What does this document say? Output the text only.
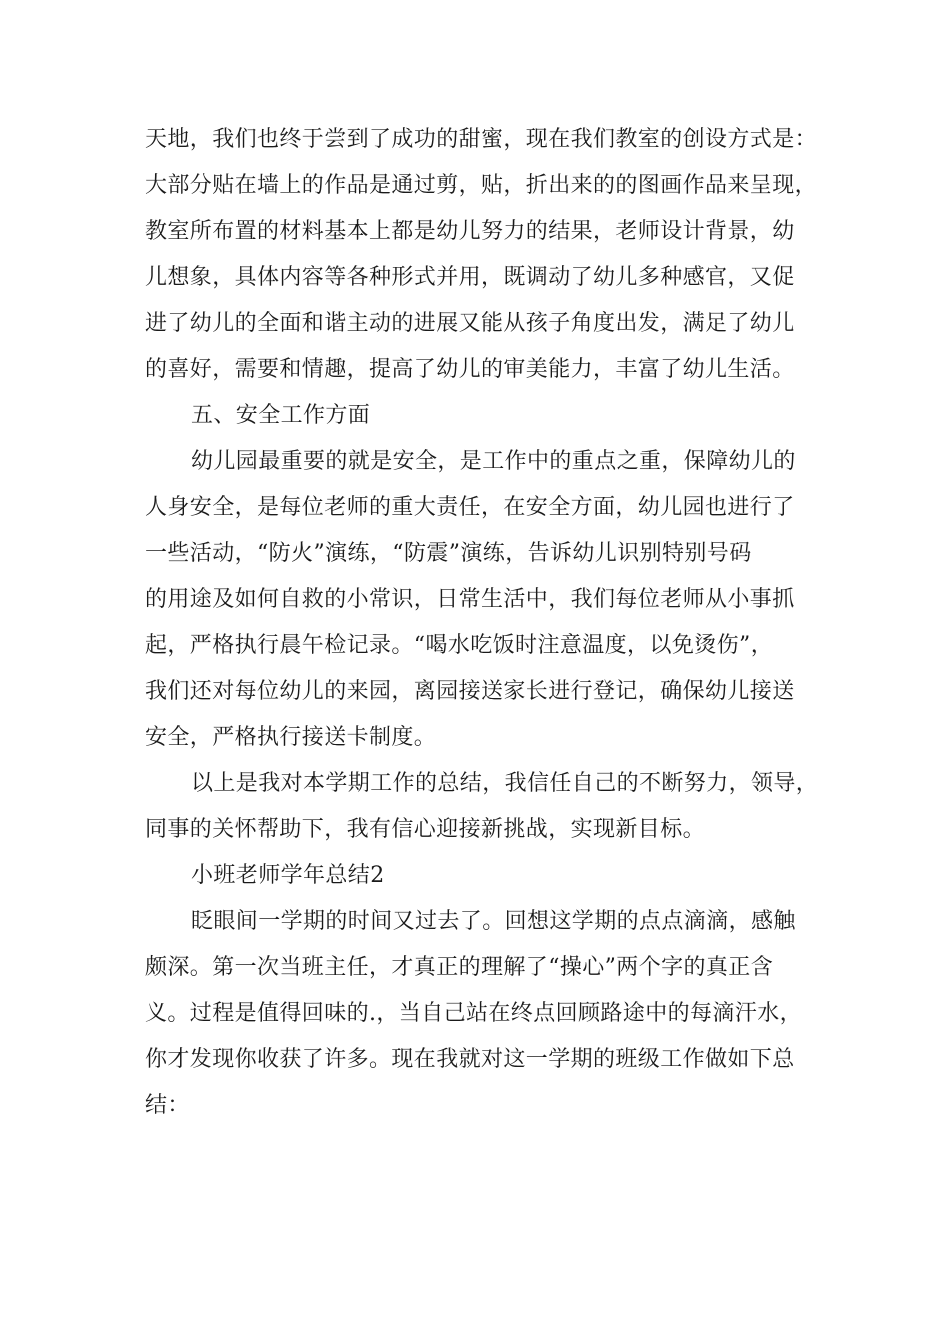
天地，我们也终于尝到了成功的甜蜜，现在我们教室的创设方式是：
大部分贴在墙上的作品是通过剪，贴，折出来的的图画作品来呈现，
教室所布置的材料基本上都是幼儿努力的结果，老师设计背景，幼
儿想象，具体内容等各种形式并用，既调动了幼儿多种感官，又促
进了幼儿的全面和谐主动的进展又能从孩子角度出发，满足了幼儿
的喜好，需要和情趣，提高了幼儿的审美能力，丰富了幼儿生活。
五、安全工作方面
幼儿园最重要的就是安全，是工作中的重点之重，保障幼儿的
人身安全，是每位老师的重大责任，在安全方面，幼儿园也进行了
一些活动，“防火”演练，“防震”演练，告诉幼儿识别特别号码
的用途及如何自救的小常识，日常生活中，我们每位老师从小事抓
起，严格执行晨午检记录。“喝水吃饭时注意温度，以免烫伤”，
我们还对每位幼儿的来园，离园接送家长进行登记，确保幼儿接送
安全，严格执行接送卡制度。
以上是我对本学期工作的总结，我信任自己的不断努力，领导，
同事的关怀帮助下，我有信心迎接新挑战，实现新目标。
小班老师学年总结2
眨眼间一学期的时间又过去了。回想这学期的点点滴滴，感触
颇深。第一次当班主任，才真正的理解了“操心”两个字的真正含
义。过程是值得回味的.，当自己站在终点回顾路途中的每滴汗水，
你才发现你收获了许多。现在我就对这一学期的班级工作做如下总
结：
